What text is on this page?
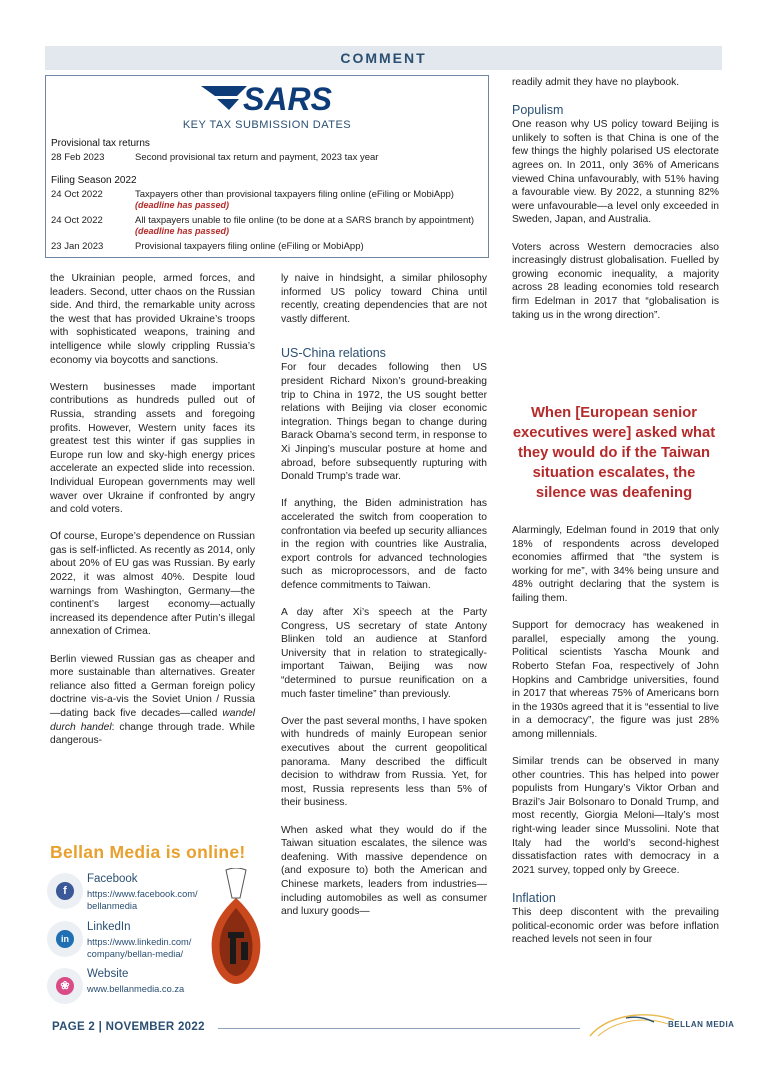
COMMENT
SARS
KEY TAX SUBMISSION DATES
Provisional tax returns
28 Feb 2023	Second provisional tax return and payment, 2023 tax year
Filing Season 2022
24 Oct 2022	Taxpayers other than provisional taxpayers filing online (eFiling or MobiApp)
(deadline has passed)
24 Oct 2022	All taxpayers unable to file online (to be done at a SARS branch by appointment)
(deadline has passed)
23 Jan 2023	Provisional taxpayers filing online (eFiling or MobiApp)

the Ukrainian people, armed forces, and leaders. Second, utter chaos on the Russian side. And third, the remarkable unity across the west that has provided Ukraine’s troops with sophisticated weapons, training and intelligence while slowly crippling Russia’s economy via boycotts and sanctions.

Western businesses made important contributions as hundreds pulled out of Russia, stranding assets and foregoing profits. However, Western unity faces its greatest test this winter if gas supplies in Europe run low and sky-high energy prices accelerate an expected slide into recession. Individual European governments may well waver over Ukraine if confronted by angry and cold voters.

Of course, Europe’s dependence on Russian gas is self-inflicted. As recently as 2014, only about 20% of EU gas was Russian. By early 2022, it was almost 40%. Despite loud warnings from Washington, Germany—the continent’s largest economy—actually increased its dependence after Putin’s illegal annexation of Crimea.

Berlin viewed Russian gas as cheaper and more sustainable than alternatives. Greater reliance also fitted a German foreign policy doctrine vis-a-vis the Soviet Union / Russia—dating back five decades—called wandel durch handel: change through trade. While dangerous-

ly naive in hindsight, a similar philosophy informed US policy toward China until recently, creating dependencies that are not vastly different.

US-China relations

For four decades following then US president Richard Nixon’s ground-breaking trip to China in 1972, the US sought better relations with Beijing via closer economic integration. Things began to change during Barack Obama’s second term, in response to Xi Jinping’s muscular posture at home and abroad, before subsequently rupturing with Donald Trump’s trade war.

If anything, the Biden administration has accelerated the switch from cooperation to confrontation via beefed up security alliances in the region with countries like Australia, export controls for advanced technologies such as microprocessors, and de facto defence commitments to Taiwan.

A day after Xi’s speech at the Party Congress, US secretary of state Antony Blinken told an audience at Stanford University that in relation to strategically-important Taiwan, Beijing was now “determined to pursue reunification on a much faster timeline” than previously.

Over the past several months, I have spoken with hundreds of mainly European senior executives about the current geopolitical panorama. Many described the difficult decision to withdraw from Russia. Yet, for most, Russia represents less than 5% of their business.

When asked what they would do if the Taiwan situation escalates, the silence was deafening. With massive dependence on (and exposure to) both the American and Chinese markets, leaders from industries—including automobiles as well as consumer and luxury goods—

readily admit they have no playbook.

Populism

One reason why US policy toward Beijing is unlikely to soften is that China is one of the few things the highly polarised US electorate agrees on. In 2011, only 36% of Americans viewed China unfavourably, with 51% having a favourable view. By 2022, a stunning 82% were unfavourable—a level only exceeded in Sweden, Japan, and Australia.

Voters across Western democracies also increasingly distrust globalisation. Fuelled by growing economic inequality, a majority across 28 leading economies told research firm Edelman in 2017 that “globalisation is taking us in the wrong direction”.

When [European senior executives were] asked what they would do if the Taiwan situation escalates, the silence was deafening

Alarmingly, Edelman found in 2019 that only 18% of respondents across developed economies affirmed that “the system is working for me”, with 34% being unsure and 48% outright declaring that the system is failing them.

Support for democracy has weakened in parallel, especially among the young. Political scientists Yascha Mounk and Roberto Stefan Foa, respectively of John Hopkins and Cambridge universities, found in 2017 that whereas 75% of Americans born in the 1930s agreed that it is “essential to live in a democracy”, the figure was just 28% among millennials.

Similar trends can be observed in many other countries. This has helped into power populists from Hungary’s Viktor Orban and Brazil’s Jair Bolsonaro to Donald Trump, and most recently, Giorgia Meloni—Italy’s most right-wing leader since Mussolini. Note that Italy had the world’s second-highest dissatisfaction rates with democracy in a 2021 survey, topped only by Greece.

Inflation

This deep discontent with the prevailing political-economic order was before inflation reached levels not seen in four

Bellan Media is online!
f
Facebook
https://www.facebook.com/ bellanmedia
in
LinkedIn
https://www.linkedin.com/ company/bellan-media/
❀
Website
www.bellanmedia.co.za
PAGE 2 | NOVEMBER 2022	BELLAN MEDIA
